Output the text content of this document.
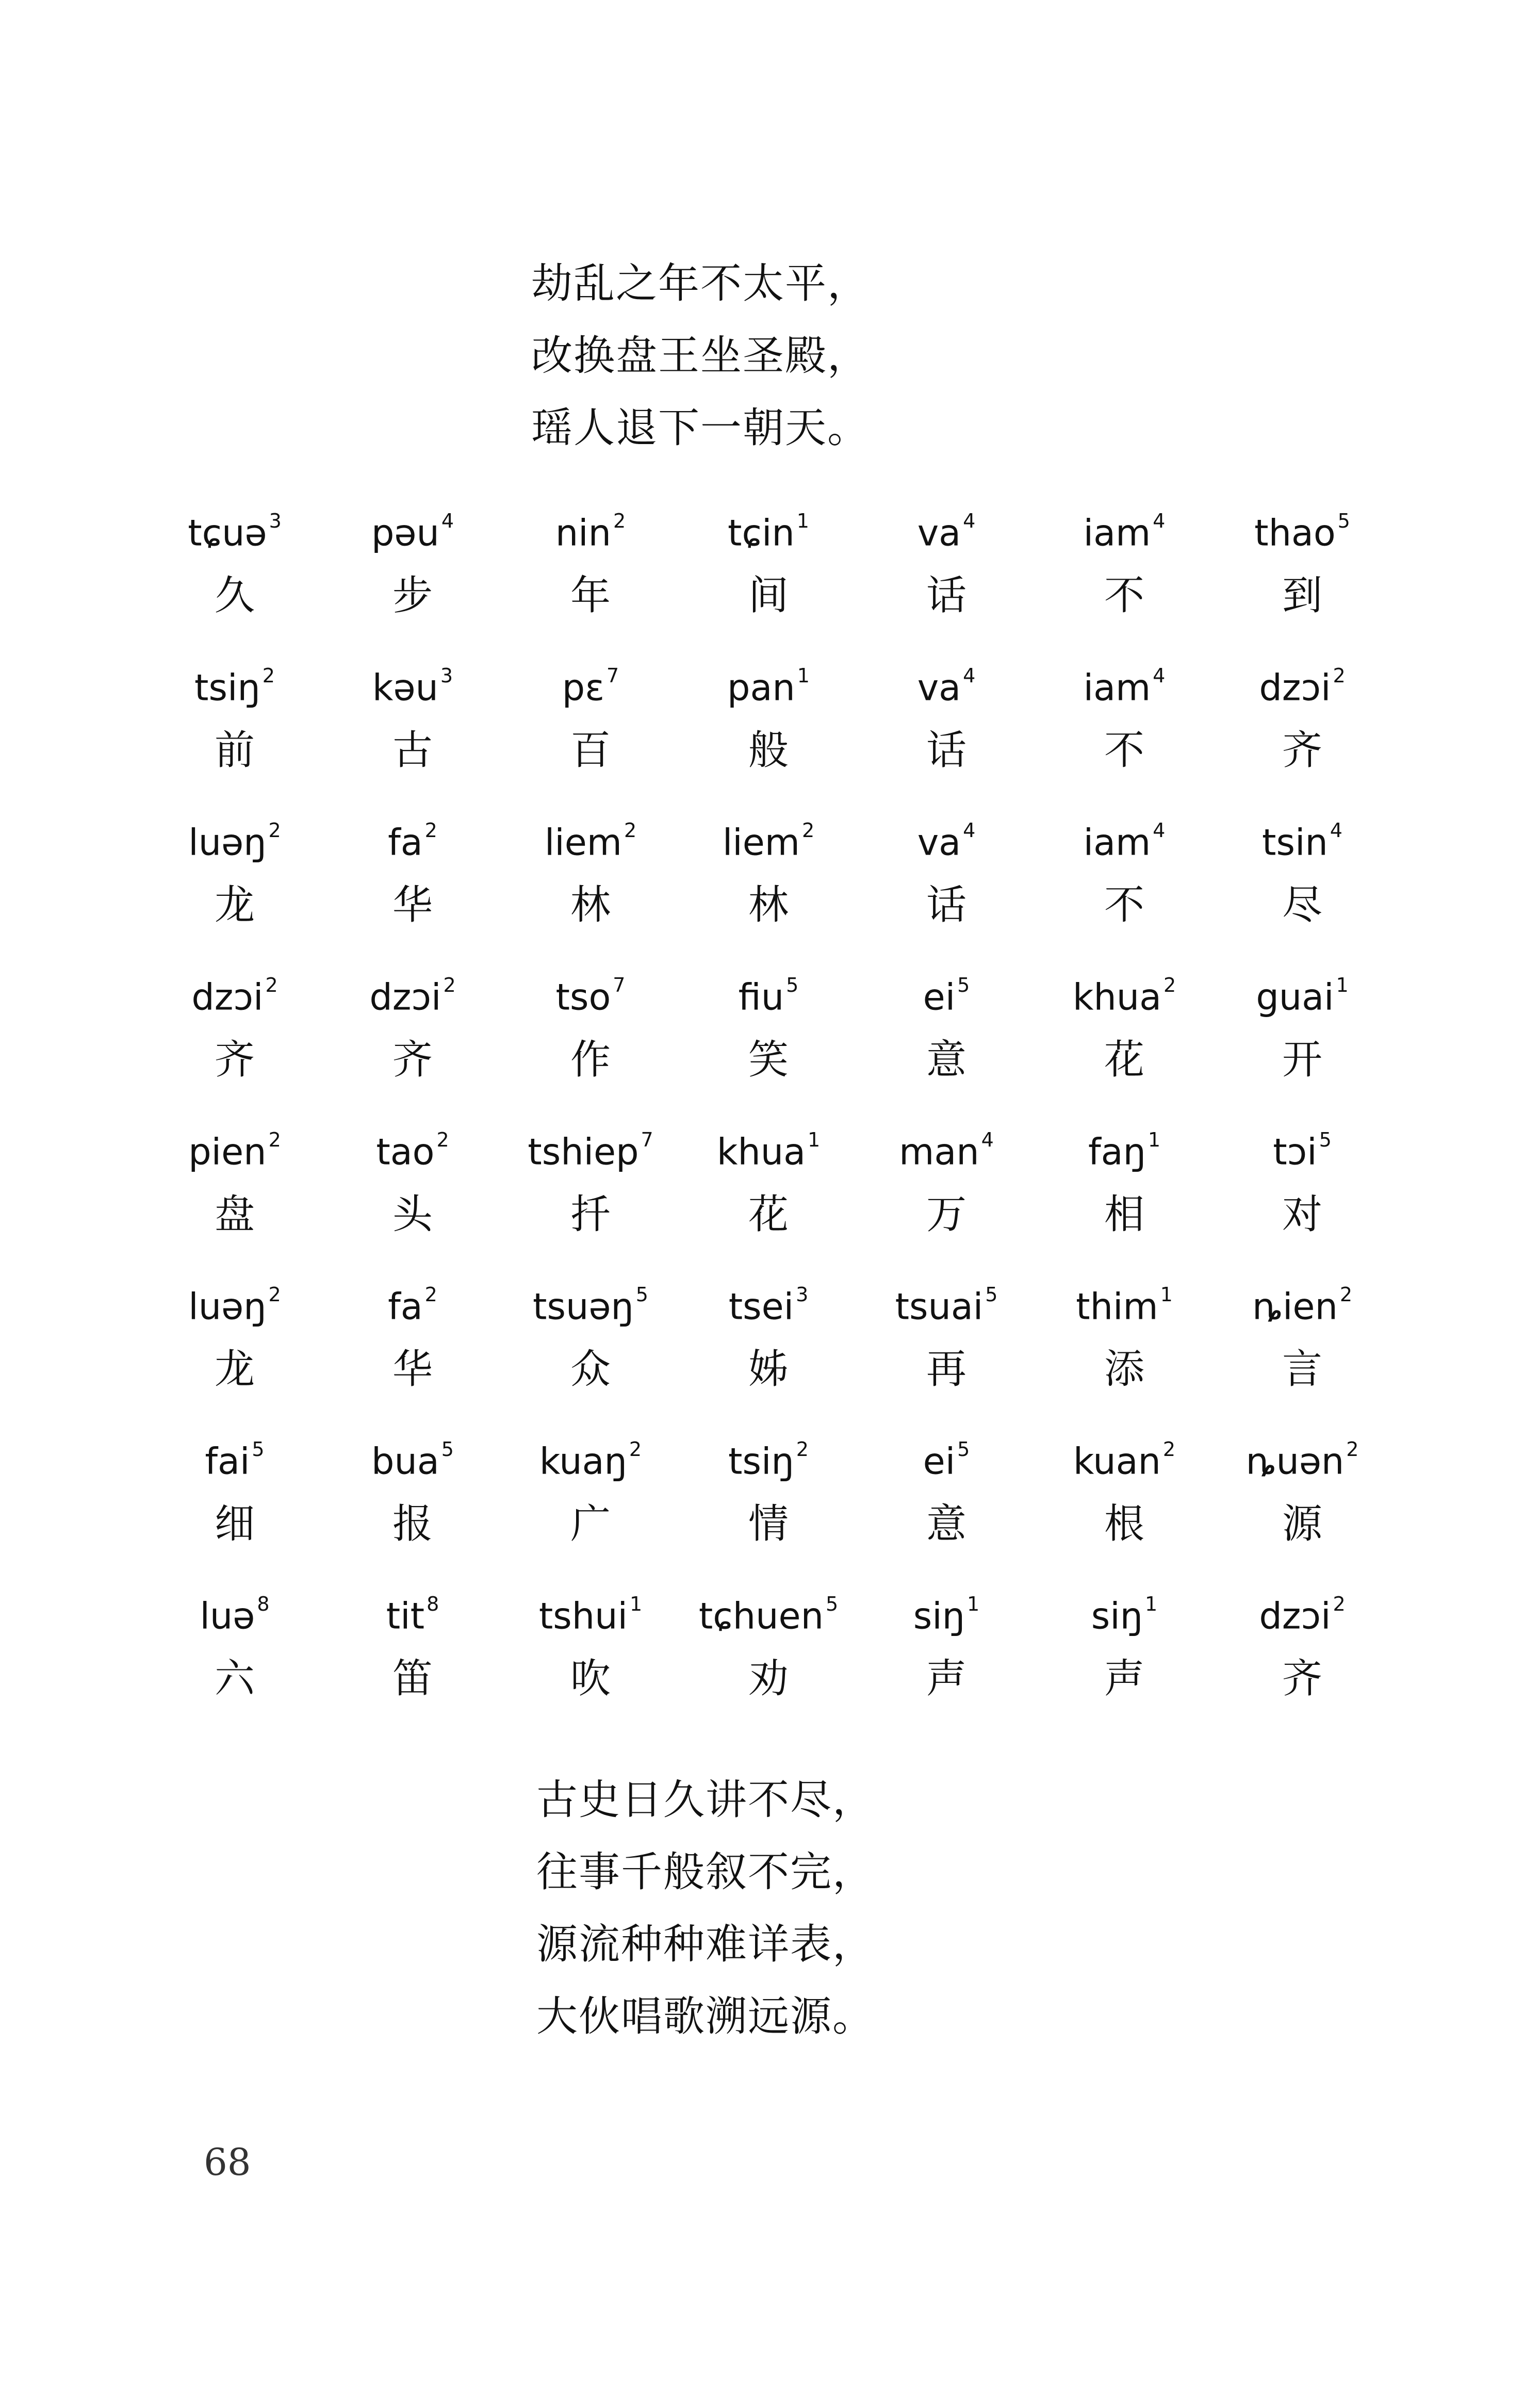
劫乱之年不太平，
改换盘王坐圣殿，
瑶人退下一朝天。
tɕuə $^3$
久
pəu $^4$
步
nin $^2$
年
tɕin $^1$
间
va $^4$
话
iam $^4$
不
thao $^5$
到
tsiŋ $^2$
前
kəu $^3$
古
pɛ $^7$
百
pan $^1$
般
va $^4$
话
iam $^4$
不
dzɔi $^2$
齐
luəŋ $^2$
龙
fa $^2$
华
liem $^2$
林
liem $^2$
林
va $^4$
话
iam $^4$
不
tsin $^4$
尽
dzɔi $^2$
齐
dzɔi $^2$
齐
tso $^7$
作
fiu $^5$
笑
ei $^5$
意
khua $^2$
花
guai $^1$
开
pien $^2$
盘
tao $^2$
头
tshiep $^7$
扦
khua $^1$
花
man $^4$
万
faŋ $^1$
相
tɔi $^5$
对
luəŋ $^2$
龙
fa $^2$
华
tsuəŋ $^5$
众
tsei $^3$
姊
tsuai $^5$
再
thim $^1$
添
ȵien $^2$
言
fai $^5$
细
bua $^5$
报
kuaŋ $^2$
广
tsiŋ $^2$
情
ei $^5$
意
kuan $^2$
根
ȵuən $^2$
源
luə $^8$
六
tit $^8$
笛
tshui $^1$
吹
tɕhuen $^5$
劝
siŋ $^1$
声
siŋ $^1$
声
dzɔi $^2$
齐
古史日久讲不尽，
往事千般叙不完，
源流种种难详表，
大伙唱歌溯远源。
68
